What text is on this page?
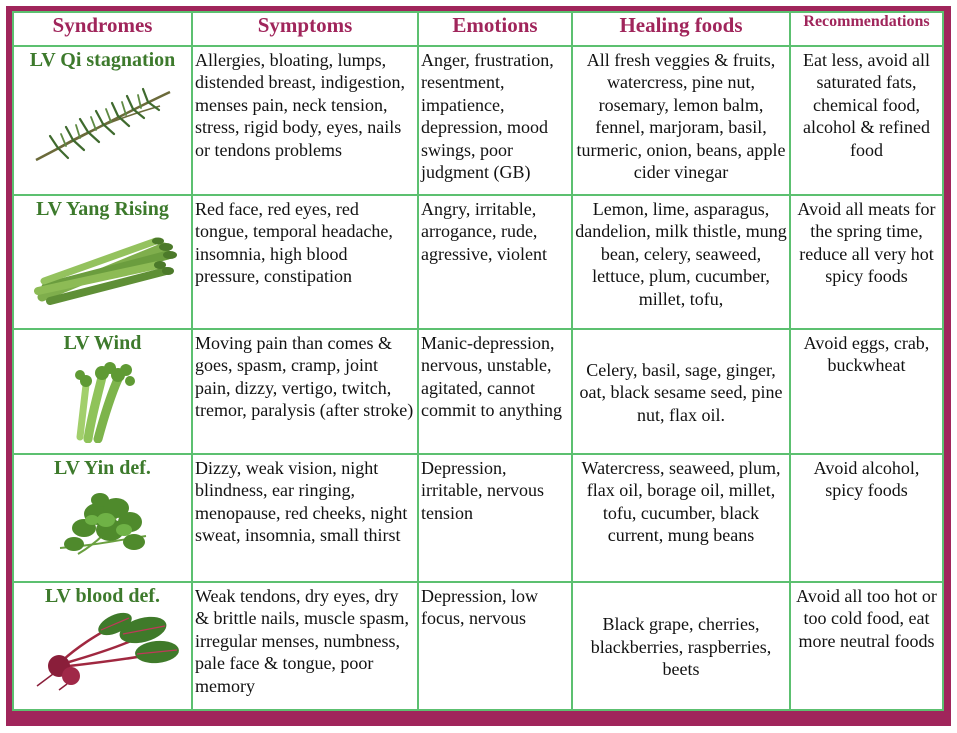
Syndromes	Symptoms	Emotions	Healing foods	Recommendations

LV Qi stagnation	Allergies, bloating, lumps, distended breast, indigestion, menses pain, neck tension, stress, rigid body, eyes, nails or tendons problems	Anger, frustration, resentment, impatience, depression, mood swings, poor judgment (GB)	All fresh veggies & fruits, watercress, pine nut, rosemary, lemon balm, fennel, marjoram, basil, turmeric, onion, beans, apple cider vinegar	Eat less, avoid all saturated fats, chemical food, alcohol & refined food

LV Yang Rising	Red face, red eyes, red tongue, temporal headache, insomnia, high blood pressure, constipation	Angry, irritable, arrogance, rude, agressive, violent	Lemon, lime, asparagus, dandelion, milk thistle, mung bean, celery, seaweed, lettuce, plum, cucumber, millet, tofu,	Avoid all meats for the spring time, reduce all very hot spicy foods

LV Wind	Moving pain than comes & goes, spasm, cramp, joint pain, dizzy, vertigo, twitch, tremor, paralysis (after stroke)	Manic-depression, nervous, unstable, agitated, cannot commit to anything	Celery, basil, sage, ginger, oat, black sesame seed, pine nut, flax oil.	Avoid eggs, crab, buckwheat

LV Yin def.	Dizzy, weak vision, night blindness, ear ringing, menopause, red cheeks, night sweat, insomnia, small thirst	Depression, irritable, nervous tension	Watercress, seaweed, plum, flax oil, borage oil, millet, tofu, cucumber, black current, mung beans	Avoid alcohol, spicy foods

LV blood def.	Weak tendons, dry eyes, dry & brittle nails, muscle spasm, irregular menses, numbness, pale face & tongue, poor memory	Depression, low focus, nervous	Black grape, cherries, blackberries, raspberries, beets	Avoid all too hot or too cold food, eat more neutral foods
